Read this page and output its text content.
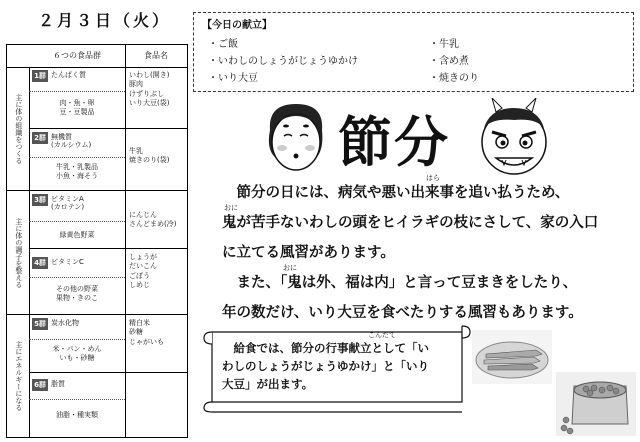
２月３日（火）
６つの食品群	食品名
主に体の組織をつくる
1群 たんぱく質
肉・魚・卵
豆・豆製品
いわし(開き)
豚肉
けずりぶし
いり大豆(袋)
2群 無機質
(カルシウム)
牛乳・乳製品
小魚・海そう
牛乳
焼きのり(袋)
主に体の調子を整える
3群 ビタミンA
(カロテン)
緑黄色野菜
にんじん
さんどまめ(冷)
4群 ビタミンC
その他の野菜
果物・きのこ
しょうが
だいこん
ごぼう
しめじ
主にエネルギーになる
5群 炭水化物
米・パン・めん
いも・砂糖
精白米
砂糖
じゃがいも
6群 脂質
油脂・種実類
【今日の献立】
・ご飯
・いわしのしょうがじょうゆかけ
・いり大豆
・牛乳
・含め煮
・焼きのり
節分
はら
　節分の日には、病気や悪い出来事を追い払うため、
おに
鬼が苦手ないわしの頭をヒイラギの枝にさして、家の入口
に立てる風習があります。
おに
　また、「鬼は外、福は内」と言って豆まきをしたり、
年の数だけ、いり大豆を食べたりする風習もあります。
こんだて
　給食では、節分の行事献立として「い
わしのしょうがじょうゆかけ」と「いり
大豆」が出ます。
